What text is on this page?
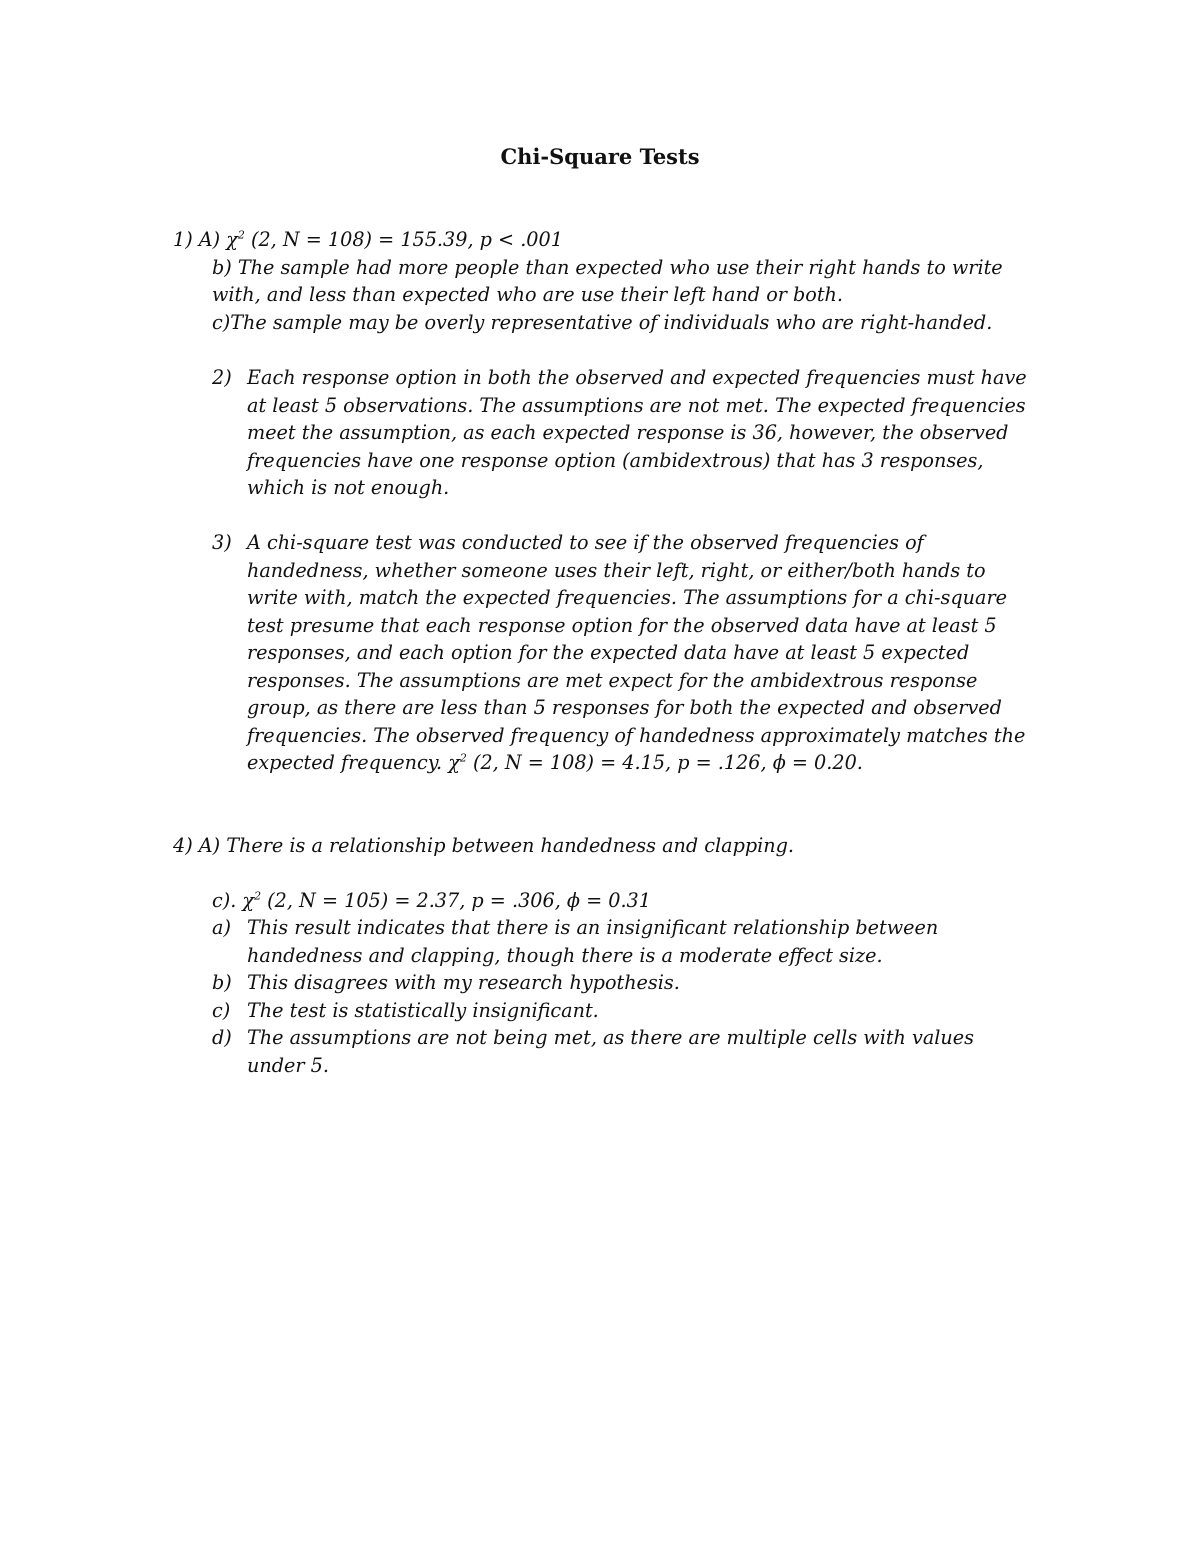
Chi-Square Tests
1) A) $\chi^2$ (2, N = 108) = 155.39, p < .001
b) The sample had more people than expected who use their right hands to write
with, and less than expected who are use their left hand or both.
c)The sample may be overly representative of individuals who are right-handed.
2) Each response option in both the observed and expected frequencies must have
at least 5 observations. The assumptions are not met. The expected frequencies
meet the assumption, as each expected response is 36, however, the observed
frequencies have one response option (ambidextrous) that has 3 responses,
which is not enough.
3) A chi-square test was conducted to see if the observed frequencies of
handedness, whether someone uses their left, right, or either/both hands to
write with, match the expected frequencies. The assumptions for a chi-square
test presume that each response option for the observed data have at least 5
responses, and each option for the expected data have at least 5 expected
responses. The assumptions are met expect for the ambidextrous response
group, as there are less than 5 responses for both the expected and observed
frequencies. The observed frequency of handedness approximately matches the
expected frequency. $\chi^2$ (2, N = 108) = 4.15, p = .126, ϕ = 0.20.
4) A) There is a relationship between handedness and clapping.
c). $\chi^2$ (2, N = 105) = 2.37, p = .306, ϕ = 0.31
a) This result indicates that there is an insignificant relationship between
handedness and clapping, though there is a moderate effect size.
b) This disagrees with my research hypothesis.
c) The test is statistically insignificant.
d) The assumptions are not being met, as there are multiple cells with values
under 5.
